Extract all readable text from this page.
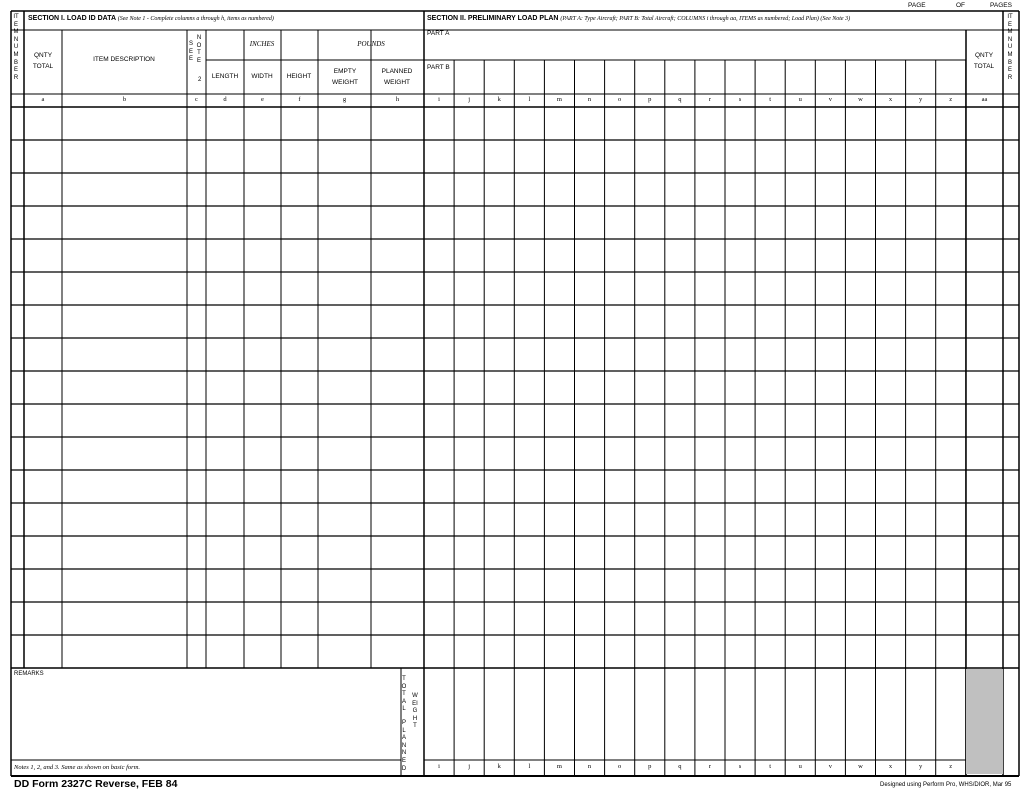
PAGE	OF	PAGES
SECTION I. LOAD ID DATA (See Note 1 - Complete columns a through h, items as numbered)	SECTION II. PRELIMINARY LOAD PLAN (PART A: Type Aircraft; PART B: Total Aircraft; COLUMNS i through aa, ITEMS as numbered; Load Plan) (See Note 3)
ITEMNUMBER
ITEMNUMBER
QNTY
TOTAL
ITEM DESCRIPTION
SEE
NOTE
2
INCHES	POUNDS
LENGTH WIDTH HEIGHT
EMPTY
WEIGHT
PLANNED
WEIGHT
PART A
PART B
QNTY
TOTAL
a	b	c	d	e	f	g	h	i	j	k	l	m	n	o	p	q	r	s	t	u	v	w	x	y	z	aa
REMARKS
TOTAL
PLANNED
WEIGHT
i	j	k	l	m	n	o	p	q	r	s	t	u	v	w	x	y	z
Notes 1, 2, and 3. Same as shown on basic form.
DD Form 2327C Reverse, FEB 84	Designed using Perform Pro, WHS/DIOR, Mar 95
